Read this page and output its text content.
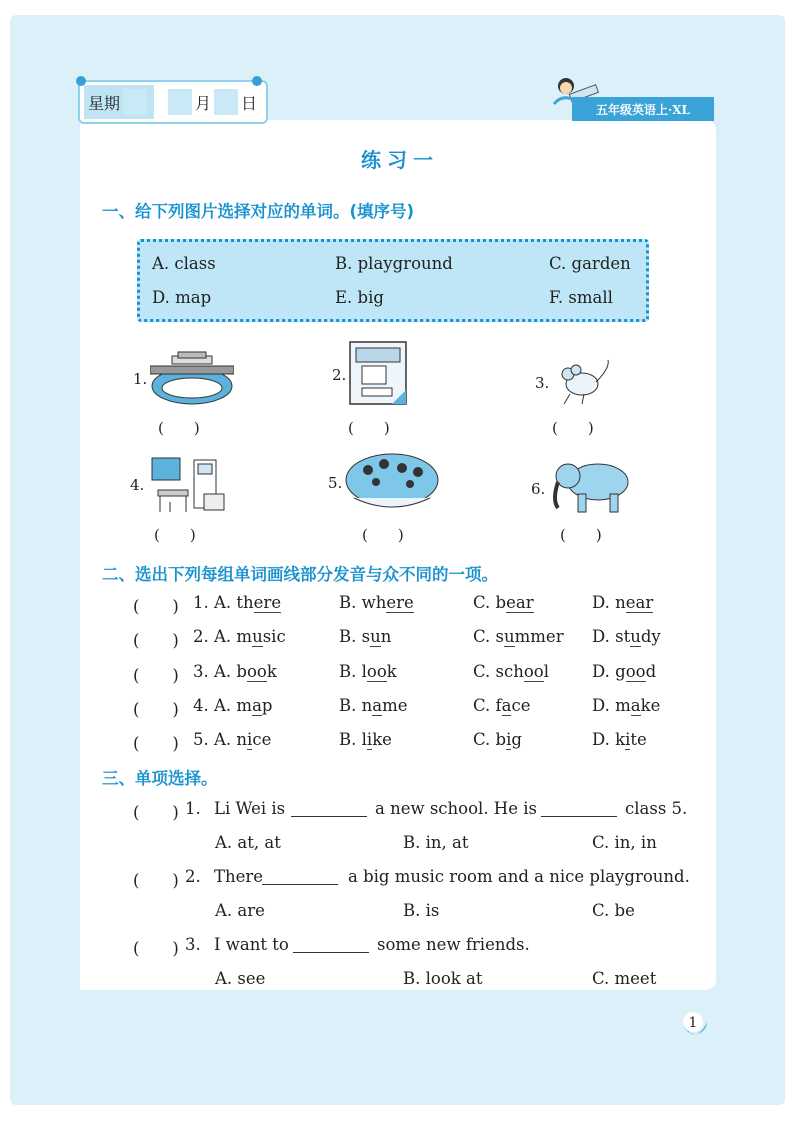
星期	月 日	五年级英语上·XL
练习一
一、给下列图片选择对应的单词。(填序号)
A. class	B. playground	C. garden
D. map	E. big	F. small
1.
(　　)
2.
(　　)
3.
(　　)
4.
(　　)
5.
(　　)
6.
(　　)
二、选出下列每组单词画线部分发音与众不同的一项。
(　　) 1. A. there	B. where	C. bear	D. near
(　　) 2. A. music	B. sun	C. summer D. study
(　　) 3. A. book	B. look	C. school	D. good
(　　) 4. A. map	B. name	C. face	D. make
(　　) 5. A. nice	B. like	C. big	D. kite
三、单项选择。
(　　) 1. Li Wei is	a new school. He is	class 5.
A. at, at	B. in, at	C. in, in
(　　) 2. There	a big music room and a nice playground.
A. are	B. is	C. be
(　　) 3. I want to	some new friends.
A. see	B. look at	C. meet
1
